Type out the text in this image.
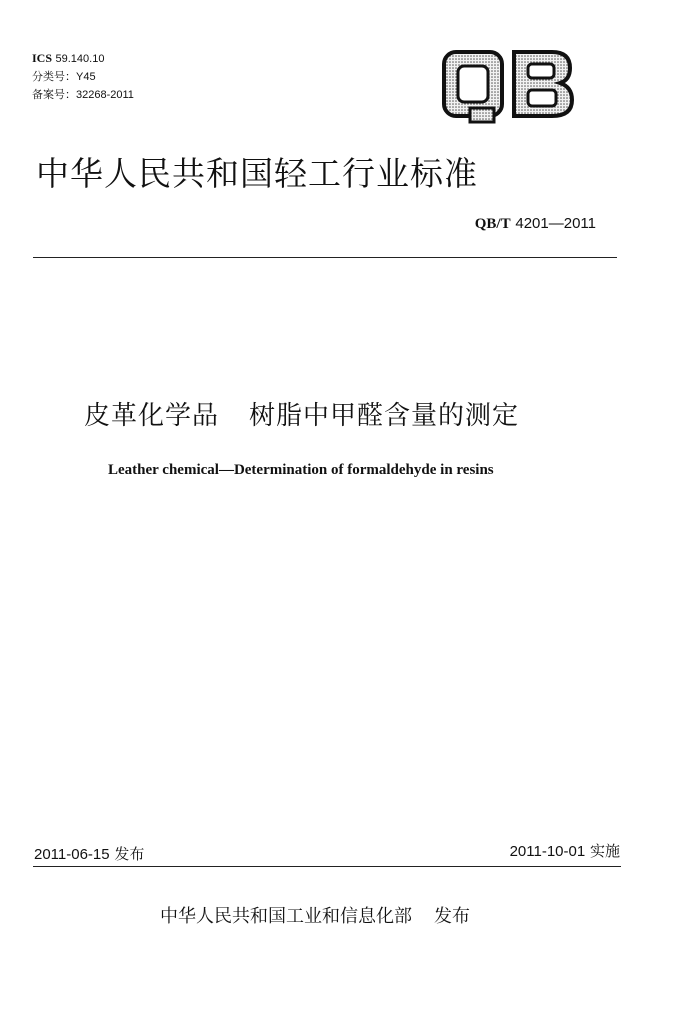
ICS 59.140.10
分类号：Y45
备案号：32268-2011
中华人民共和国轻工行业标准
QB/T 4201—2011
皮革化学品 树脂中甲醛含量的测定
Leather chemical—Determination of formaldehyde in resins
2011-06-15 发布	2011-10-01 实施
中华人民共和国工业和信息化部 发布
